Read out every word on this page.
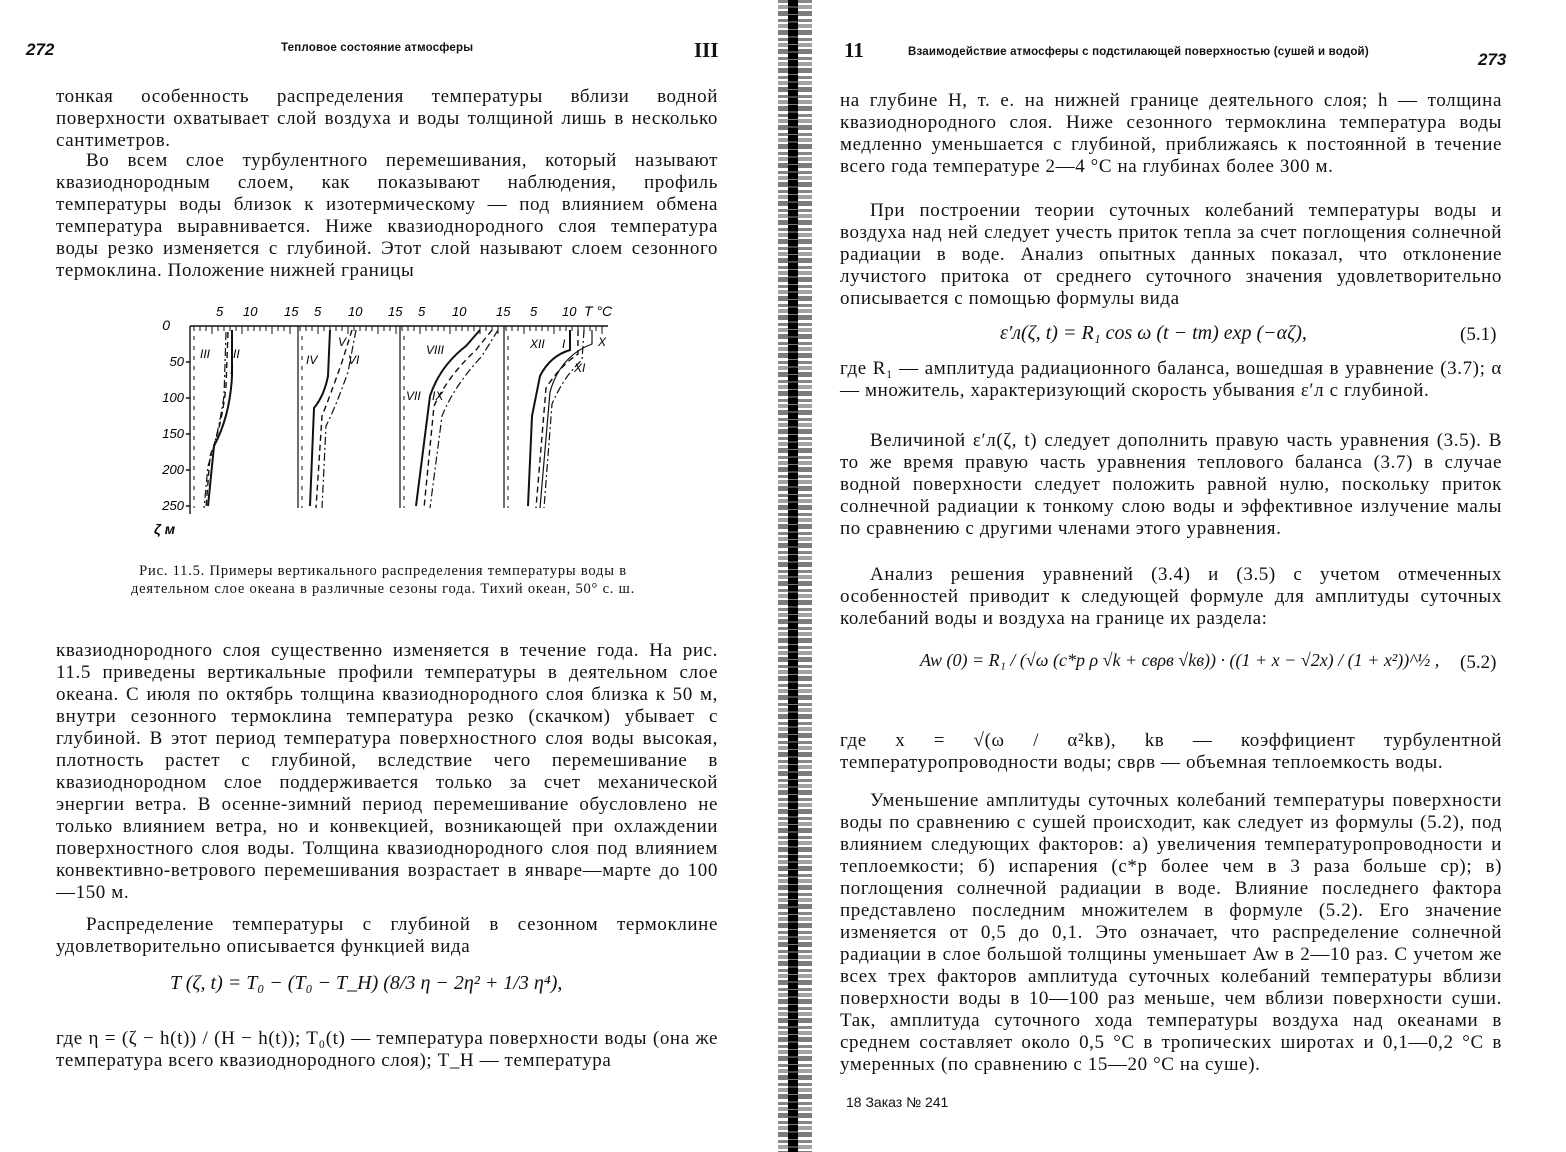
272	Тепловое состояние атмосферы	III
тонкая особенность распределения температуры вблизи водной поверхности охватывает слой воздуха и воды толщиной лишь в несколько сантиметров.
Во всем слое турбулентного перемешивания, который называют квазиоднородным слоем, как показывают наблюдения, профиль температуры воды близок к изотермическому — под влиянием обмена температура выравнивается. Ниже квазиоднородного слоя температура воды резко изменяется с глубиной. Этот слой называют слоем сезонного термоклина. Положение нижней границы
0
50
100
150
200
250
ζ м
5 10 15 5 10 15 5 10 15 5 10 T °C
III II
I
IV
V
VI
VIII
VII IX
XII I	X
XI
Рис. 11.5. Примеры вертикального распределения температуры воды в деятельном слое океана в различные сезоны года. Тихий океан, 50° с. ш.
квазиоднородного слоя существенно изменяется в течение года. На рис. 11.5 приведены вертикальные профили температуры в деятельном слое океана. С июля по октябрь толщина квазиоднородного слоя близка к 50 м, внутри сезонного термоклина температура резко (скачком) убывает с глубиной. В этот период температура поверхностного слоя воды высокая, плотность растет с глубиной, вследствие чего перемешивание в квазиоднородном слое поддерживается только за счет механической энергии ветра. В осенне-зимний период перемешивание обусловлено не только влиянием ветра, но и конвекцией, возникающей при охлаждении поверхностного слоя воды. Толщина квазиоднородного слоя под влиянием конвективно-ветрового перемешивания возрастает в январе—марте до 100—150 м.
Распределение температуры с глубиной в сезонном термоклине удовлетворительно описывается функцией вида
T (ζ, t) = T₀ − (T₀ − T_H) (8/3 η − 2η² + 1/3 η⁴),
где η = (ζ − h(t)) / (H − h(t)); T₀(t) — температура поверхности воды (она же температура всего квазиоднородного слоя); T_H — температура
11	Взаимодействие атмосферы с подстилающей поверхностью (сушей и водой)	273
на глубине H, т. е. на нижней границе деятельного слоя; h — толщина квазиоднородного слоя. Ниже сезонного термоклина температура воды медленно уменьшается с глубиной, приближаясь к постоянной в течение всего года температуре 2—4 °С на глубинах более 300 м.
При построении теории суточных колебаний температуры воды и воздуха над ней следует учесть приток тепла за счет поглощения солнечной радиации в воде. Анализ опытных данных показал, что отклонение лучистого притока от среднего суточного значения удовлетворительно описывается с помощью формулы вида
ε′л(ζ, t) = R₁ cos ω (t − tm) exp (−αζ),	(5.1)
где R₁ — амплитуда радиационного баланса, вошедшая в уравнение (3.7); α — множитель, характеризующий скорость убывания ε′л с глубиной.
Величиной ε′л(ζ, t) следует дополнить правую часть уравнения (3.5). В то же время правую часть уравнения теплового баланса (3.7) в случае водной поверхности следует положить равной нулю, поскольку приток солнечной радиации к тонкому слою воды и эффективное излучение малы по сравнению с другими членами этого уравнения.
Анализ решения уравнений (3.4) и (3.5) с учетом отмеченных особенностей приводит к следующей формуле для амплитуды суточных колебаний воды и воздуха на границе их раздела:
Aw (0) = R₁ / (√ω (c*p ρ √k + cвρв √kв)) · ((1 + x − √2x) / (1 + x²))^½ , (5.2)
где x = √(ω / α²kв), kв — коэффициент турбулентной температуропроводности воды; cвρв — объемная теплоемкость воды.
Уменьшение амплитуды суточных колебаний температуры поверхности воды по сравнению с сушей происходит, как следует из формулы (5.2), под влиянием следующих факторов: а) увеличения температуропроводности и теплоемкости; б) испарения (c*p более чем в 3 раза больше cp); в) поглощения солнечной радиации в воде. Влияние последнего фактора представлено последним множителем в формуле (5.2). Его значение изменяется от 0,5 до 0,1. Это означает, что распределение солнечной радиации в слое большой толщины уменьшает Aw в 2—10 раз. С учетом же всех трех факторов амплитуда суточных колебаний температуры вблизи поверхности воды в 10—100 раз меньше, чем вблизи поверхности суши. Так, амплитуда суточного хода температуры воздуха над океанами в среднем составляет около 0,5 °С в тропических широтах и 0,1—0,2 °С в умеренных (по сравнению с 15—20 °С на суше).
18 Заказ № 241
